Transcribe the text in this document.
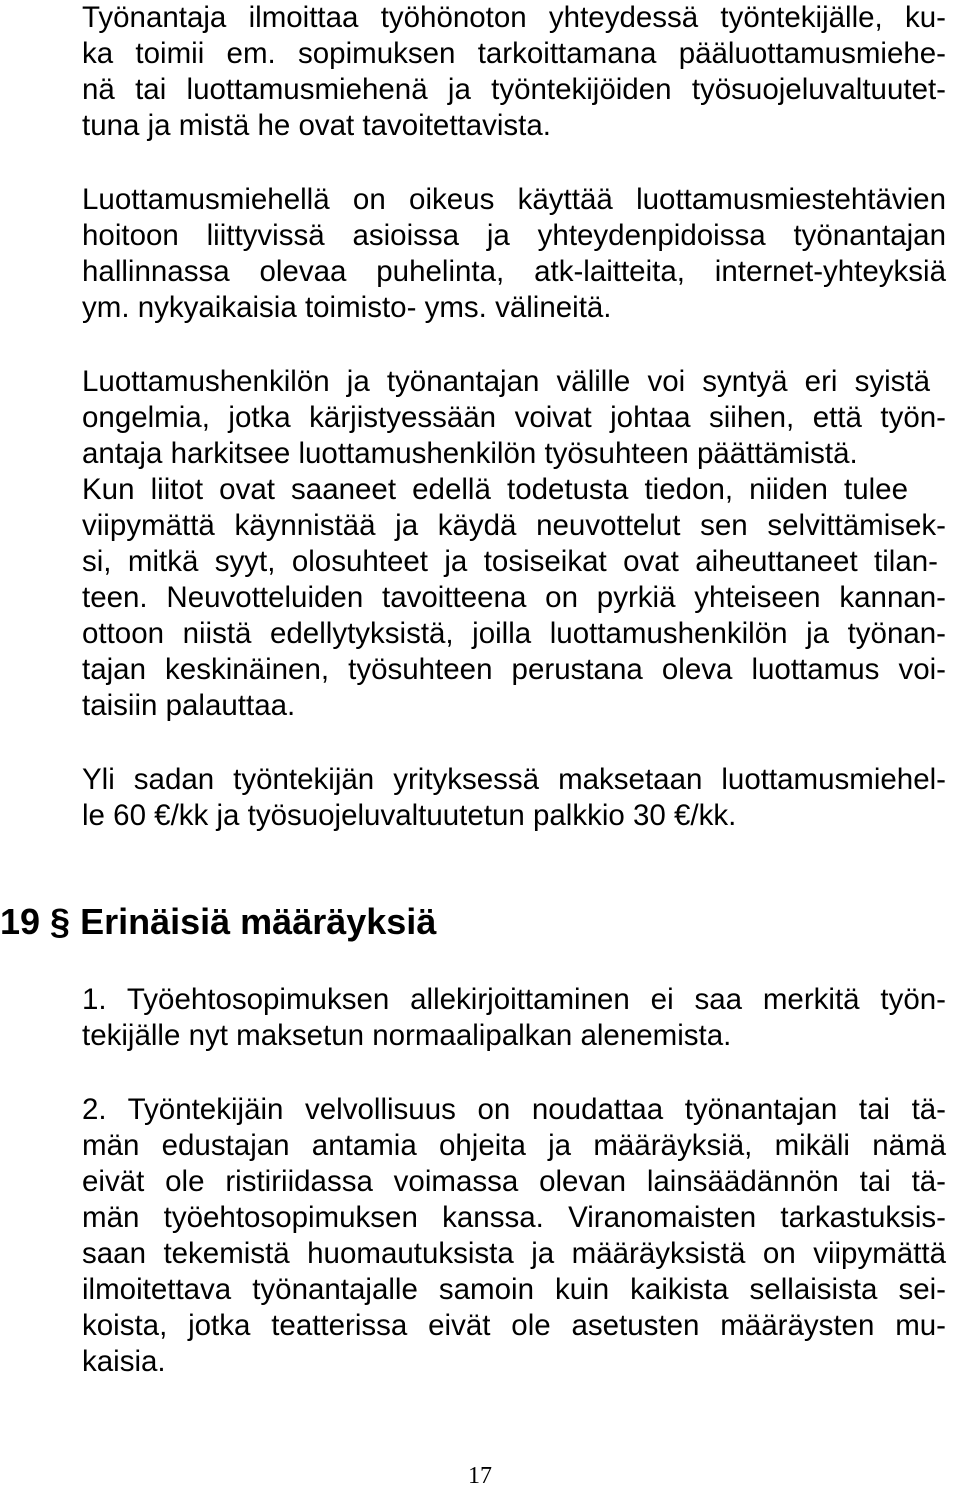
Työnantaja ilmoittaa työhönoton yhteydessä työntekijälle, ku-

ka toimii em. sopimuksen tarkoittamana pääluottamusmiehe-

nä tai luottamusmiehenä ja työntekijöiden työsuojeluvaltuutet-

tuna ja mistä he ovat tavoitettavista.

Luottamusmiehellä on oikeus käyttää luottamusmiestehtävien

hoitoon liittyvissä asioissa ja yhteydenpidoissa työnantajan

hallinnassa olevaa puhelinta, atk-laitteita, internet-yhteyksiä

ym. nykyaikaisia toimisto- yms. välineitä.

Luottamushenkilön ja työnantajan välille voi syntyä eri syistä

ongelmia, jotka kärjistyessään voivat johtaa siihen, että työn-

antaja harkitsee luottamushenkilön työsuhteen päättämistä.

Kun liitot ovat saaneet edellä todetusta tiedon, niiden tulee

viipymättä käynnistää ja käydä neuvottelut sen selvittämisek-

si, mitkä syyt, olosuhteet ja tosiseikat ovat aiheuttaneet tilan-

teen. Neuvotteluiden tavoitteena on pyrkiä yhteiseen kannan-

ottoon niistä edellytyksistä, joilla luottamushenkilön ja työnan-

tajan keskinäinen, työsuhteen perustana oleva luottamus voi-

taisiin palauttaa.

Yli sadan työntekijän yrityksessä maksetaan luottamusmiehel-

le 60 €/kk ja työsuojeluvaltuutetun palkkio 30 €/kk.

19 § Erinäisiä määräyksiä

1. Työehtosopimuksen allekirjoittaminen ei saa merkitä työn-

tekijälle nyt maksetun normaalipalkan alenemista.

2. Työntekijäin velvollisuus on noudattaa työnantajan tai tä-

män edustajan antamia ohjeita ja määräyksiä, mikäli nämä

eivät ole ristiriidassa voimassa olevan lainsäädännön tai tä-

män työehtosopimuksen kanssa. Viranomaisten tarkastuksis-

saan tekemistä huomautuksista ja määräyksistä on viipymättä

ilmoitettava työnantajalle samoin kuin kaikista sellaisista sei-

koista, jotka teatterissa eivät ole asetusten määräysten mu-

kaisia.

17
